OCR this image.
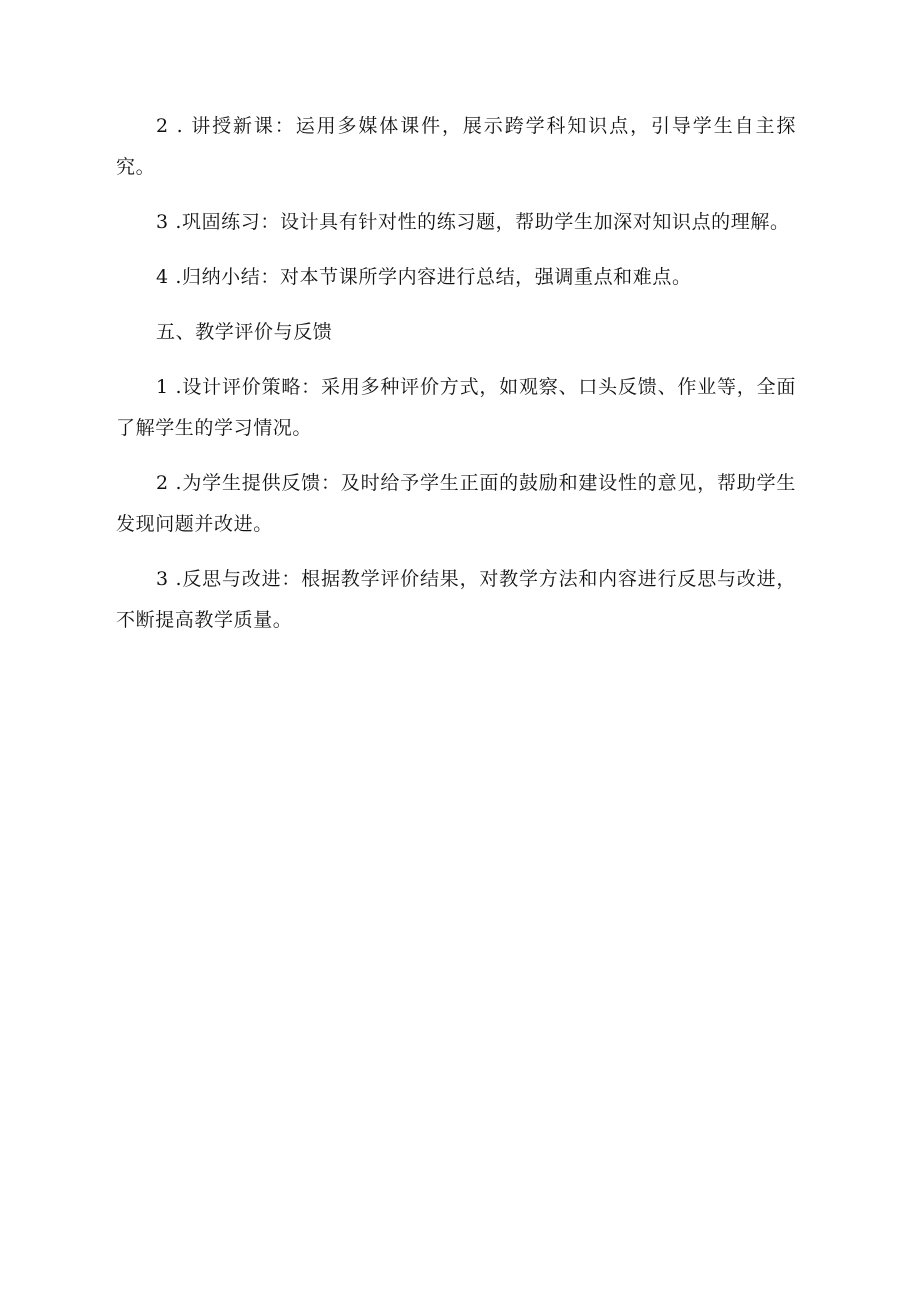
2 . 讲授新课：运用多媒体课件，展示跨学科知识点，引导学生自主探究。

3 .巩固练习：设计具有针对性的练习题，帮助学生加深对知识点的理解。

4 .归纳小结：对本节课所学内容进行总结，强调重点和难点。

五、教学评价与反馈

1 .设计评价策略：采用多种评价方式，如观察、口头反馈、作业等，全面了解学生的学习情况。

2 .为学生提供反馈：及时给予学生正面的鼓励和建设性的意见，帮助学生发现问题并改进。

3 .反思与改进：根据教学评价结果，对教学方法和内容进行反思与改进，不断提高教学质量。
